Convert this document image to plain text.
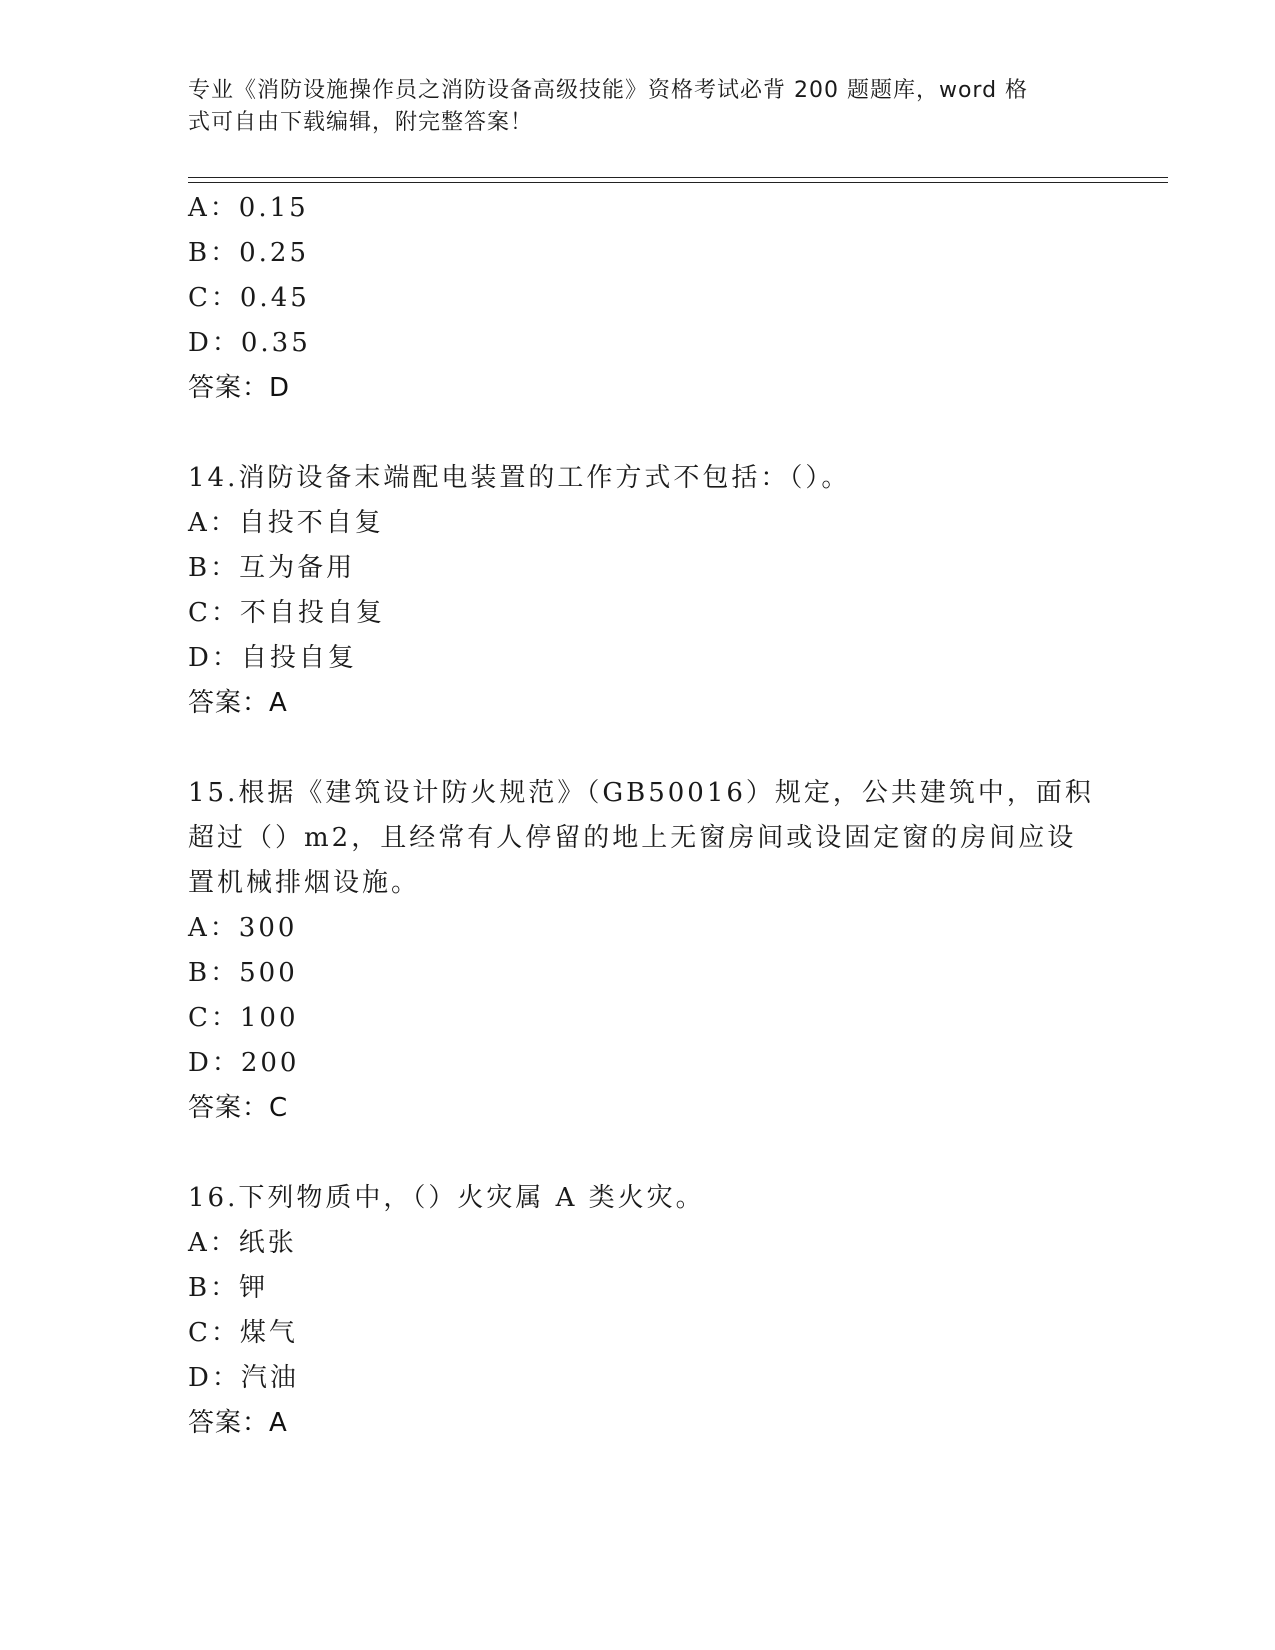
专业《消防设施操作员之消防设备高级技能》资格考试必背 200 题题库，word 格
式可自由下载编辑，附完整答案！
A：0.15
B：0.25
C：0.45
D：0.35
答案：D
14.消防设备末端配电装置的工作方式不包括：（）。
A：自投不自复
B：互为备用
C：不自投自复
D：自投自复
答案：A
15.根据《建筑设计防火规范》（GB50016）规定，公共建筑中，面积
超过（）m2，且经常有人停留的地上无窗房间或设固定窗的房间应设
置机械排烟设施。
A：300
B：500
C：100
D：200
答案：C
16.下列物质中，（）火灾属 A 类火灾。
A：纸张
B：钾
C：煤气
D：汽油
答案：A
